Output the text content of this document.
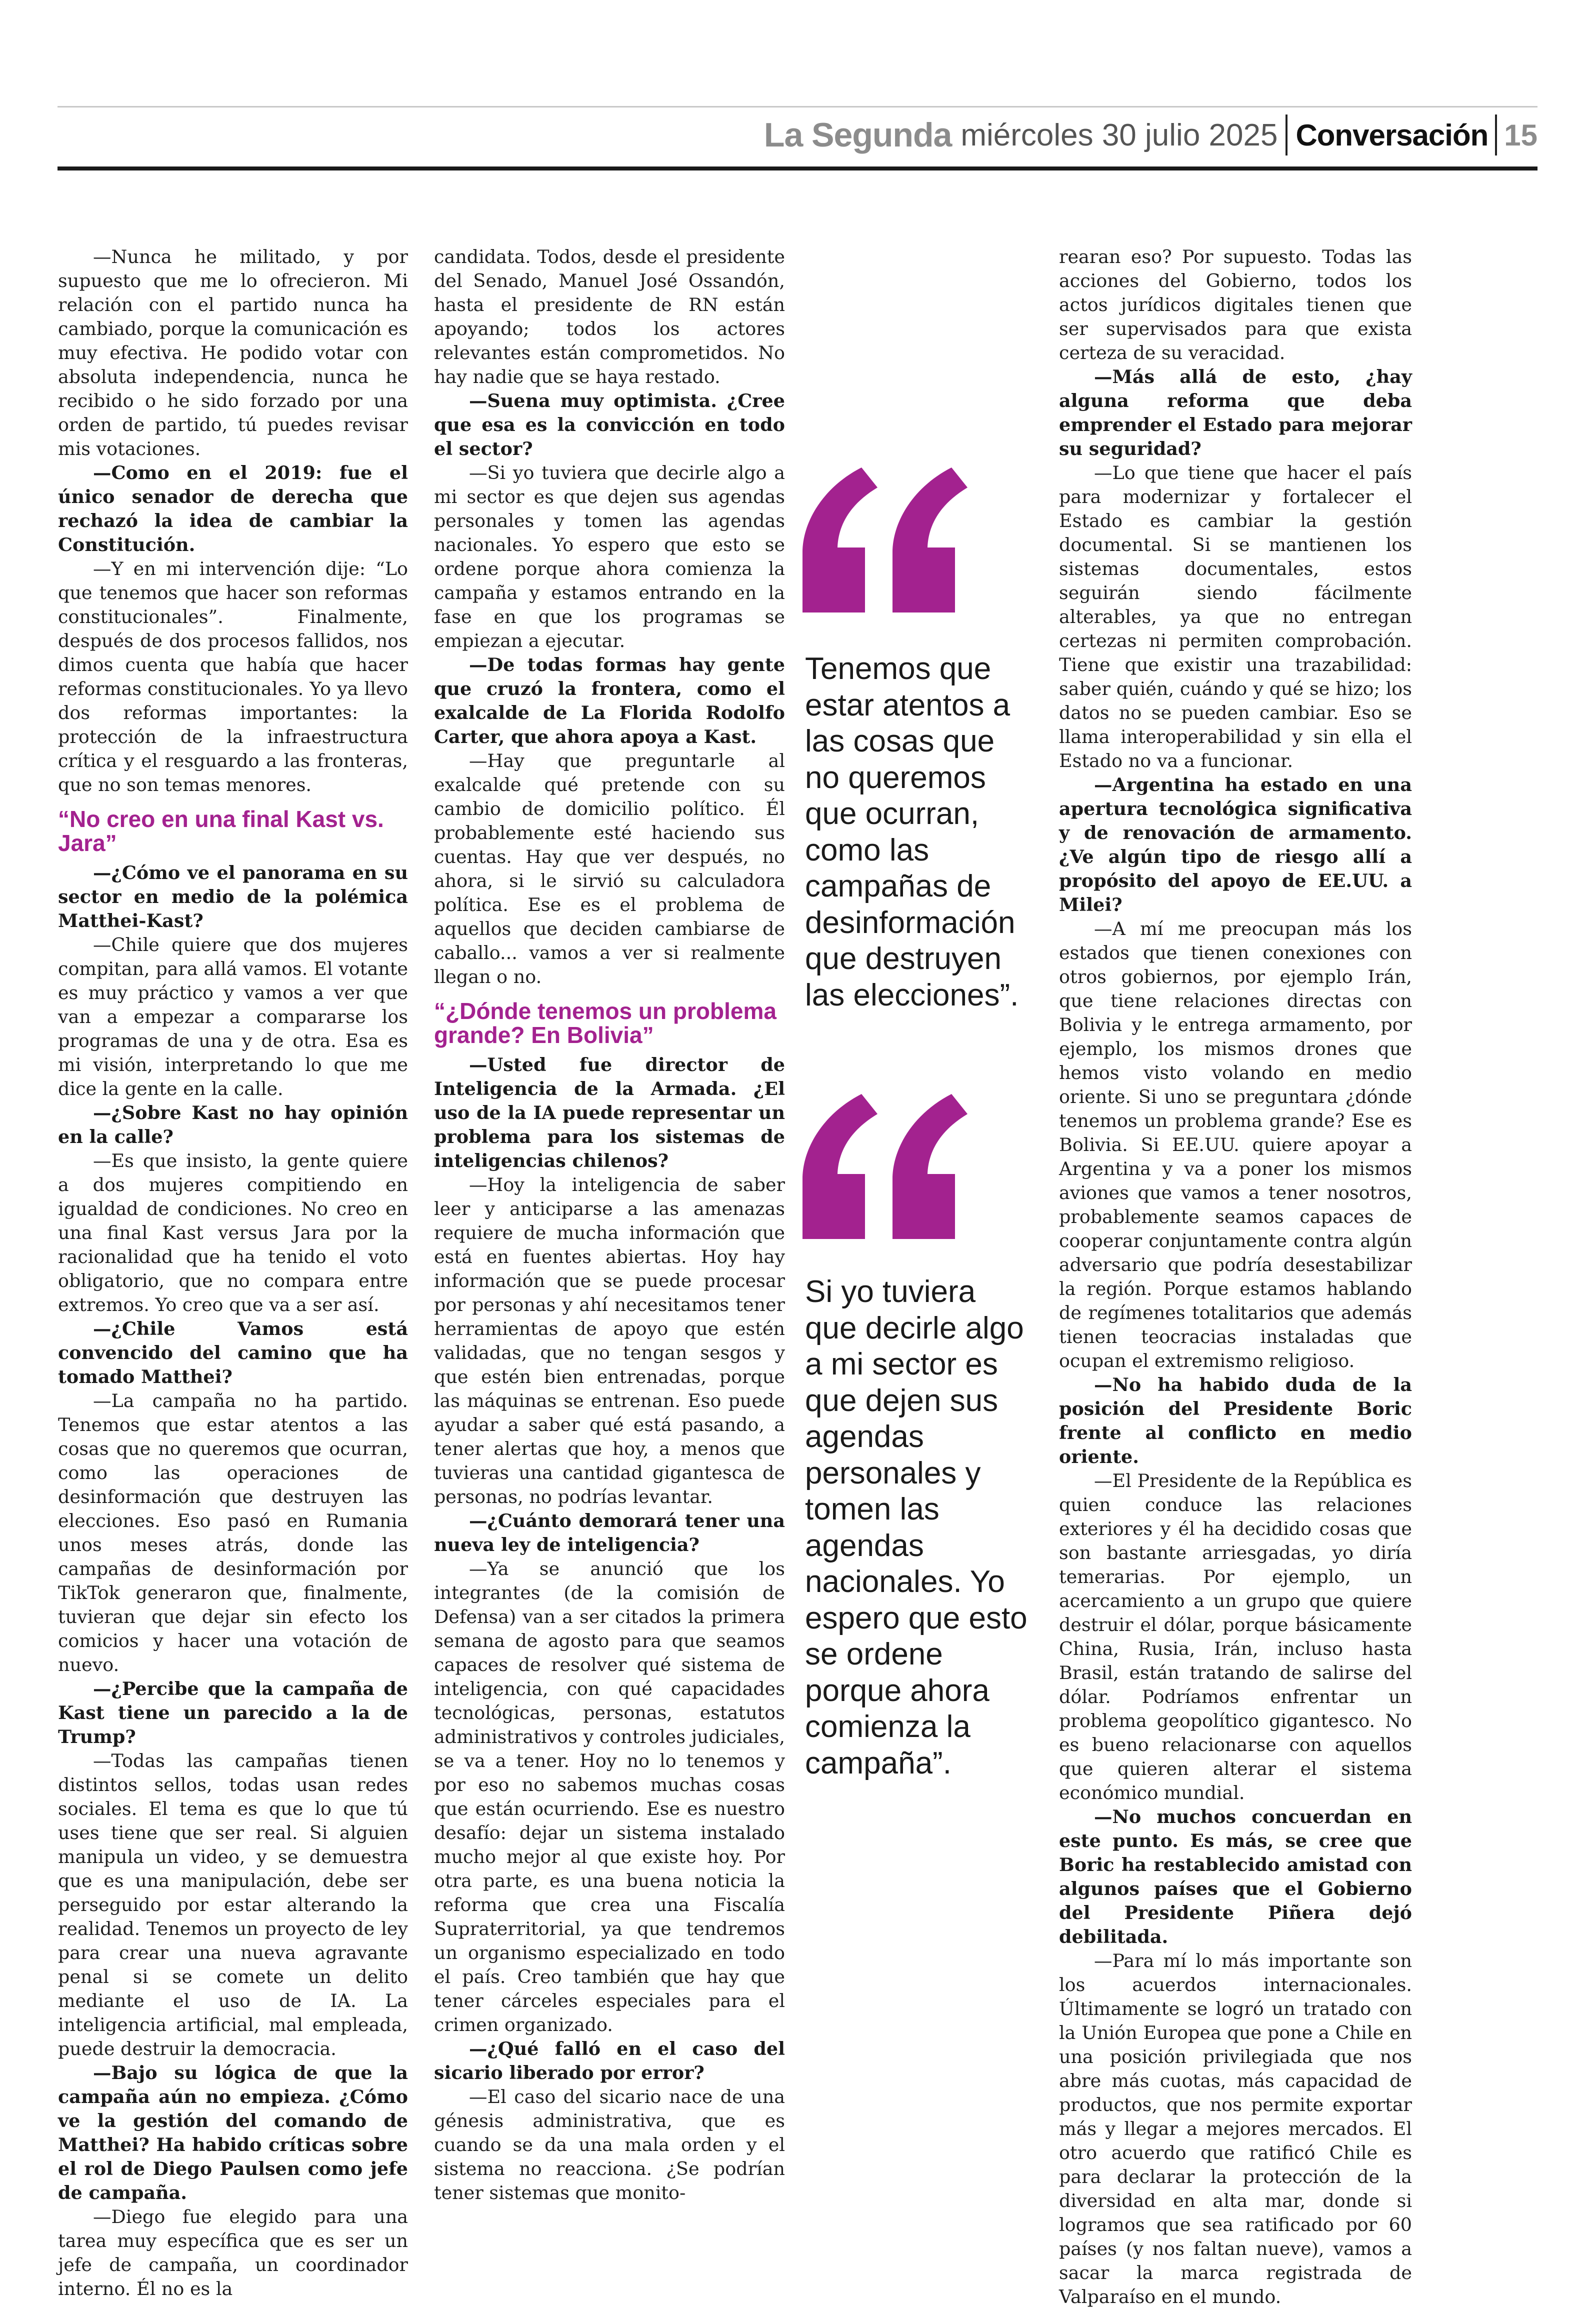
La Segunda miércoles 30 julio 2025 Conversación 15

—Nunca he militado, y por supuesto que me lo ofrecieron. Mi relación con el partido nunca ha cambiado, porque la comunicación es muy efectiva. He podido votar con absoluta independencia, nunca he recibido o he sido forzado por una orden de partido, tú puedes revisar mis votaciones.

—Como en el 2019: fue el único senador de derecha que rechazó la idea de cambiar la Constitución.

—Y en mi intervención dije: “Lo que tenemos que hacer son reformas constitucionales”. Finalmente, después de dos procesos fallidos, nos dimos cuenta que había que hacer reformas constitucionales. Yo ya llevo dos reformas importantes: la protección de la infraestructura crítica y el resguardo a las fronteras, que no son temas menores.

“No creo en una final Kast vs. Jara”

—¿Cómo ve el panorama en su sector en medio de la polémica Matthei-Kast?

—Chile quiere que dos mujeres compitan, para allá vamos. El votante es muy práctico y vamos a ver que van a empezar a compararse los programas de una y de otra. Esa es mi visión, interpretando lo que me dice la gente en la calle.

—¿Sobre Kast no hay opinión en la calle?

—Es que insisto, la gente quiere a dos mujeres compitiendo en igualdad de condiciones. No creo en una final Kast versus Jara por la racionalidad que ha tenido el voto obligatorio, que no compara entre extremos. Yo creo que va a ser así.

—¿Chile Vamos está convencido del camino que ha tomado Matthei?

—La campaña no ha partido. Tenemos que estar atentos a las cosas que no queremos que ocurran, como las operaciones de desinformación que destruyen las elecciones. Eso pasó en Rumania unos meses atrás, donde las campañas de desinformación por TikTok generaron que, finalmente, tuvieran que dejar sin efecto los comicios y hacer una votación de nuevo.

—¿Percibe que la campaña de Kast tiene un parecido a la de Trump?

—Todas las campañas tienen distintos sellos, todas usan redes sociales. El tema es que lo que tú uses tiene que ser real. Si alguien manipula un video, y se demuestra que es una manipulación, debe ser perseguido por estar alterando la realidad. Tenemos un proyecto de ley para crear una nueva agravante penal si se comete un delito mediante el uso de IA. La inteligencia artificial, mal empleada, puede destruir la democracia.

—Bajo su lógica de que la campaña aún no empieza. ¿Cómo ve la gestión del comando de Matthei? Ha habido críticas sobre el rol de Diego Paulsen como jefe de campaña.

—Diego fue elegido para una tarea muy específica que es ser un jefe de campaña, un coordinador interno. Él no es la

candidata. Todos, desde el presidente del Senado, Manuel José Ossandón, hasta el presidente de RN están apoyando; todos los actores relevantes están comprometidos. No hay nadie que se haya restado.

—Suena muy optimista. ¿Cree que esa es la convicción en todo el sector?

—Si yo tuviera que decirle algo a mi sector es que dejen sus agendas personales y tomen las agendas nacionales. Yo espero que esto se ordene porque ahora comienza la campaña y estamos entrando en la fase en que los programas se empiezan a ejecutar.

—De todas formas hay gente que cruzó la frontera, como el exalcalde de La Florida Rodolfo Carter, que ahora apoya a Kast.

—Hay que preguntarle al exalcalde qué pretende con su cambio de domicilio político. Él probablemente esté haciendo sus cuentas. Hay que ver después, no ahora, si le sirvió su calculadora política. Ese es el problema de aquellos que deciden cambiarse de caballo... vamos a ver si realmente llegan o no.

“¿Dónde tenemos un problema grande? En Bolivia”

—Usted fue director de Inteligencia de la Armada. ¿El uso de la IA puede representar un problema para los sistemas de inteligencias chilenos?

—Hoy la inteligencia de saber leer y anticiparse a las amenazas requiere de mucha información que está en fuentes abiertas. Hoy hay información que se puede procesar por personas y ahí necesitamos tener herramientas de apoyo que estén validadas, que no tengan sesgos y que estén bien entrenadas, porque las máquinas se entrenan. Eso puede ayudar a saber qué está pasando, a tener alertas que hoy, a menos que tuvieras una cantidad gigantesca de personas, no podrías levantar.

—¿Cuánto demorará tener una nueva ley de inteligencia?

—Ya se anunció que los integrantes (de la comisión de Defensa) van a ser citados la primera semana de agosto para que seamos capaces de resolver qué sistema de inteligencia, con qué capacidades tecnológicas, personas, estatutos administrativos y controles judiciales, se va a tener. Hoy no lo tenemos y por eso no sabemos muchas cosas que están ocurriendo. Ese es nuestro desafío: dejar un sistema instalado mucho mejor al que existe hoy. Por otra parte, es una buena noticia la reforma que crea una Fiscalía Supraterritorial, ya que tendremos un organismo especializado en todo el país. Creo también que hay que tener cárceles especiales para el crimen organizado.

—¿Qué falló en el caso del sicario liberado por error?

—El caso del sicario nace de una génesis administrativa, que es cuando se da una mala orden y el sistema no reacciona. ¿Se podrían tener sistemas que monito-

Tenemos que estar atentos a las cosas que no queremos que ocurran, como las campañas de desinformación que destruyen las elecciones”.
Si yo tuviera que decirle algo a mi sector es que dejen sus agendas personales y tomen las agendas nacionales. Yo espero que esto se ordene porque ahora comienza la campaña”.

rearan eso? Por supuesto. Todas las acciones del Gobierno, todos los actos jurídicos digitales tienen que ser supervisados para que exista certeza de su veracidad.

—Más allá de esto, ¿hay alguna reforma que deba emprender el Estado para mejorar su seguridad?

—Lo que tiene que hacer el país para modernizar y fortalecer el Estado es cambiar la gestión documental. Si se mantienen los sistemas documentales, estos seguirán siendo fácilmente alterables, ya que no entregan certezas ni permiten comprobación. Tiene que existir una trazabilidad: saber quién, cuándo y qué se hizo; los datos no se pueden cambiar. Eso se llama interoperabilidad y sin ella el Estado no va a funcionar.

—Argentina ha estado en una apertura tecnológica significativa y de renovación de armamento. ¿Ve algún tipo de riesgo allí a propósito del apoyo de EE.UU. a Milei?

—A mí me preocupan más los estados que tienen conexiones con otros gobiernos, por ejemplo Irán, que tiene relaciones directas con Bolivia y le entrega armamento, por ejemplo, los mismos drones que hemos visto volando en medio oriente. Si uno se preguntara ¿dónde tenemos un problema grande? Ese es Bolivia. Si EE.UU. quiere apoyar a Argentina y va a poner los mismos aviones que vamos a tener nosotros, probablemente seamos capaces de cooperar conjuntamente contra algún adversario que podría desestabilizar la región. Porque estamos hablando de regímenes totalitarios que además tienen teocracias instaladas que ocupan el extremismo religioso.

—No ha habido duda de la posición del Presidente Boric frente al conflicto en medio oriente.

—El Presidente de la República es quien conduce las relaciones exteriores y él ha decidido cosas que son bastante arriesgadas, yo diría temerarias. Por ejemplo, un acercamiento a un grupo que quiere destruir el dólar, porque básicamente China, Rusia, Irán, incluso hasta Brasil, están tratando de salirse del dólar. Podríamos enfrentar un problema geopolítico gigantesco. No es bueno relacionarse con aquellos que quieren alterar el sistema económico mundial.

—No muchos concuerdan en este punto. Es más, se cree que Boric ha restablecido amistad con algunos países que el Gobierno del Presidente Piñera dejó debilitada.

—Para mí lo más importante son los acuerdos internacionales. Últimamente se logró un tratado con la Unión Europea que pone a Chile en una posición privilegiada que nos abre más cuotas, más capacidad de productos, que nos permite exportar más y llegar a mejores mercados. El otro acuerdo que ratificó Chile es para declarar la protección de la diversidad en alta mar, donde si logramos que sea ratificado por 60 países (y nos faltan nueve), vamos a sacar la marca registrada de Valparaíso en el mundo.
